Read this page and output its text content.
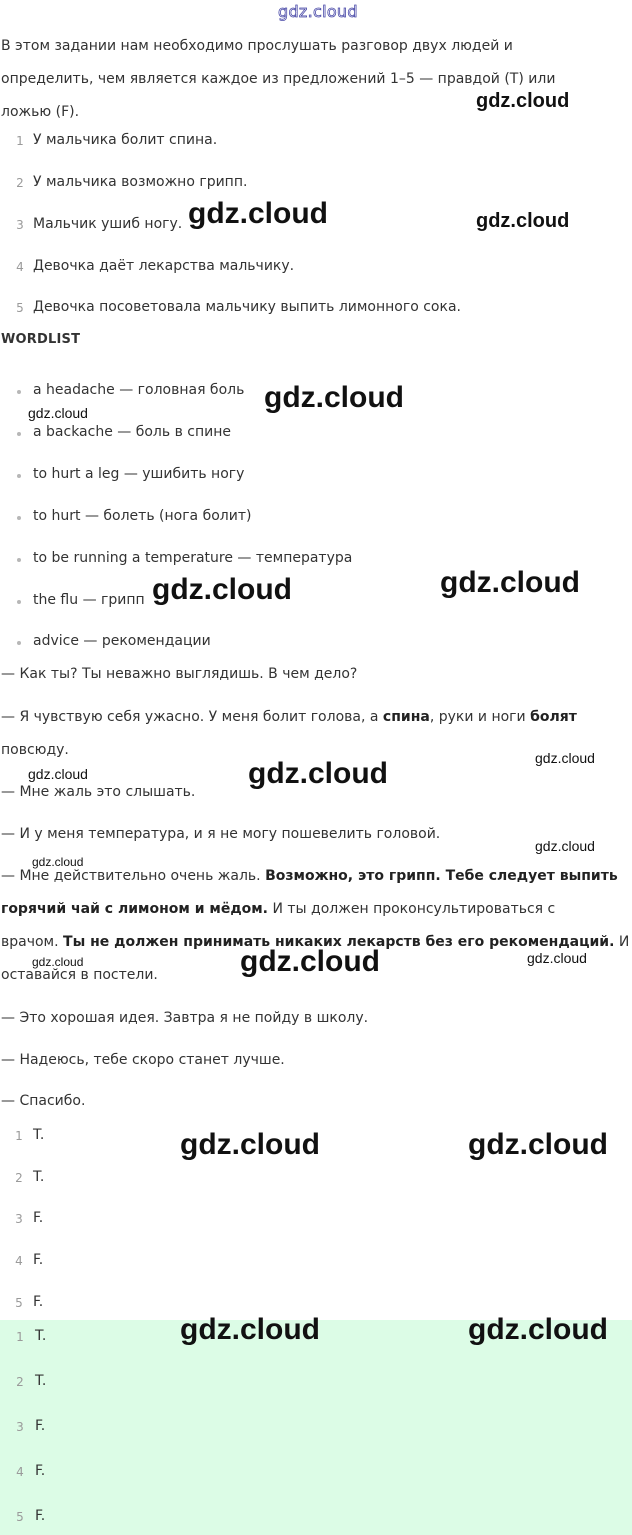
gdz.cloud
В этом задании нам необходимо прослушать разговор двух людей и определить, чем является каждое из предложений 1–5 — правдой (T) или ложью (F).
1 У мальчика болит спина.
2 У мальчика возможно грипп.
3 Мальчик ушиб ногу.
4 Девочка даёт лекарства мальчику.
5 Девочка посоветовала мальчику выпить лимонного сока.
WORDLIST
a headache — головная боль
a backache — боль в спине
to hurt a leg — ушибить ногу
to hurt — болеть (нога болит)
to be running a temperature — температура
the flu — грипп
advice — рекомендации
— Как ты? Ты неважно выглядишь. В чем дело?
— Я чувствую себя ужасно. У меня болит голова, а спина, руки и ноги болят
повсюду.
— Мне жаль это слышать.
— И у меня температура, и я не могу пошевелить головой.
— Мне действительно очень жаль. Возможно, это грипп. Тебе следует выпить
горячий чай с лимоном и мёдом. И ты должен проконсультироваться с
врачом. Ты не должен принимать никаких лекарств без его рекомендаций. И
оставайся в постели.
— Это хорошая идея. Завтра я не пойду в школу.
— Надеюсь, тебе скоро станет лучше.
— Спасибо.
1 T.
2 T.
3 F.
4 F.
5 F.
1 T.
2 T.
3 F.
4 F.
5 F.
gdz.cloud
gdz.cloud	gdz.cloud
gdz.cloud
gdz.cloud
gdz.cloud	gdz.cloud
gdz.cloud
gdz.cloud	gdz.cloud
gdz.cloud
gdz.cloud
gdz.cloud	gdz.cloud	gdz.cloud
gdz.cloud	gdz.cloud
gdz.cloud	gdz.cloud
